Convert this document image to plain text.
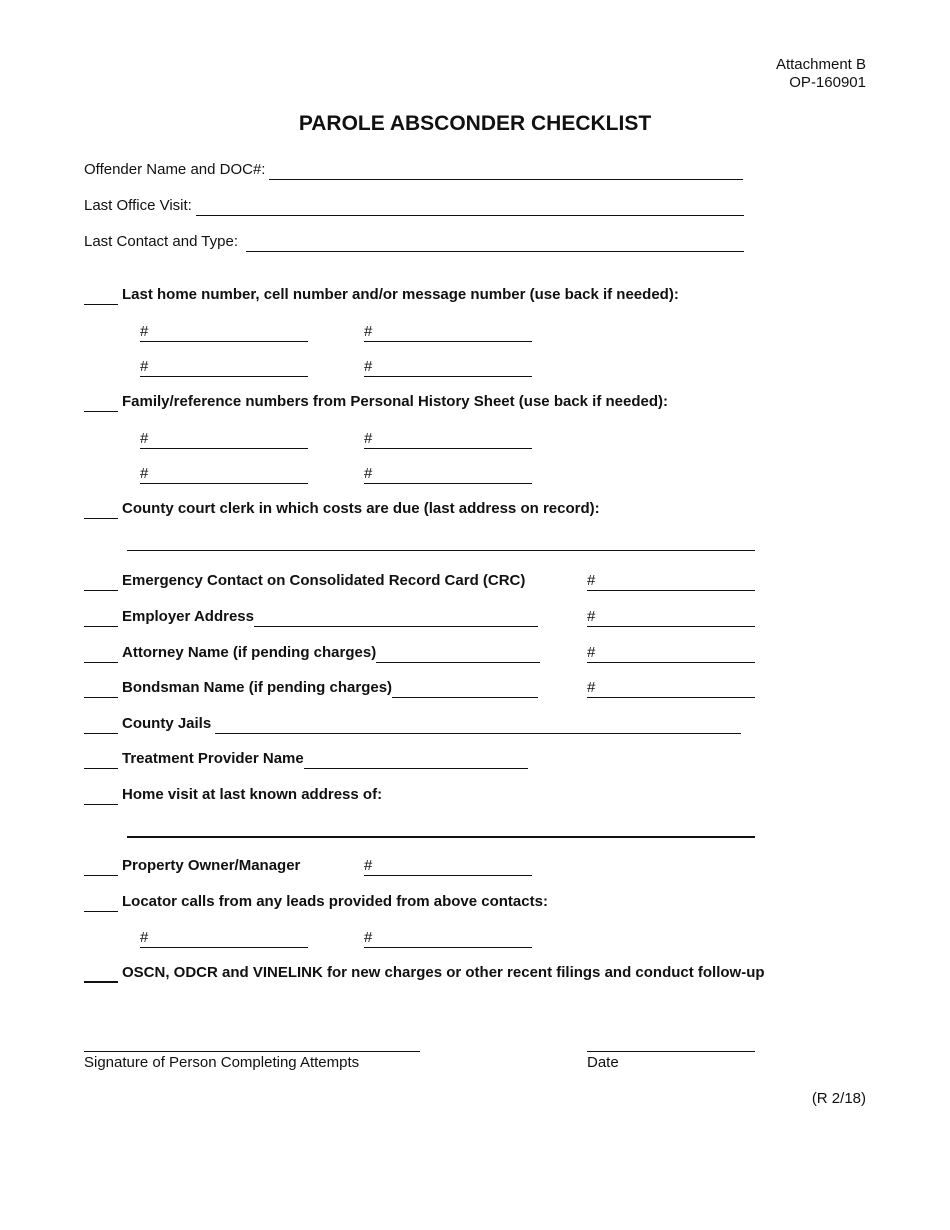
Attachment B
OP-160901
PAROLE ABSCONDER CHECKLIST
Offender Name and DOC#:
Last Office Visit:
Last Contact and Type:
Last home number, cell number and/or message number (use back if needed):
#	#
#	#
Family/reference numbers from Personal History Sheet (use back if needed):
#	#
#	#
County court clerk in which costs are due (last address on record):
Emergency Contact on Consolidated Record Card (CRC)	#
Employer Address	#
Attorney Name (if pending charges)	#
Bondsman Name (if pending charges)	#
County Jails
Treatment Provider Name
Home visit at last known address of:
Property Owner/Manager	#
Locator calls from any leads provided from above contacts:
#	#
OSCN, ODCR and VINELINK for new charges or other recent filings and conduct follow-up
Signature of Person Completing Attempts	Date
(R 2/18)
